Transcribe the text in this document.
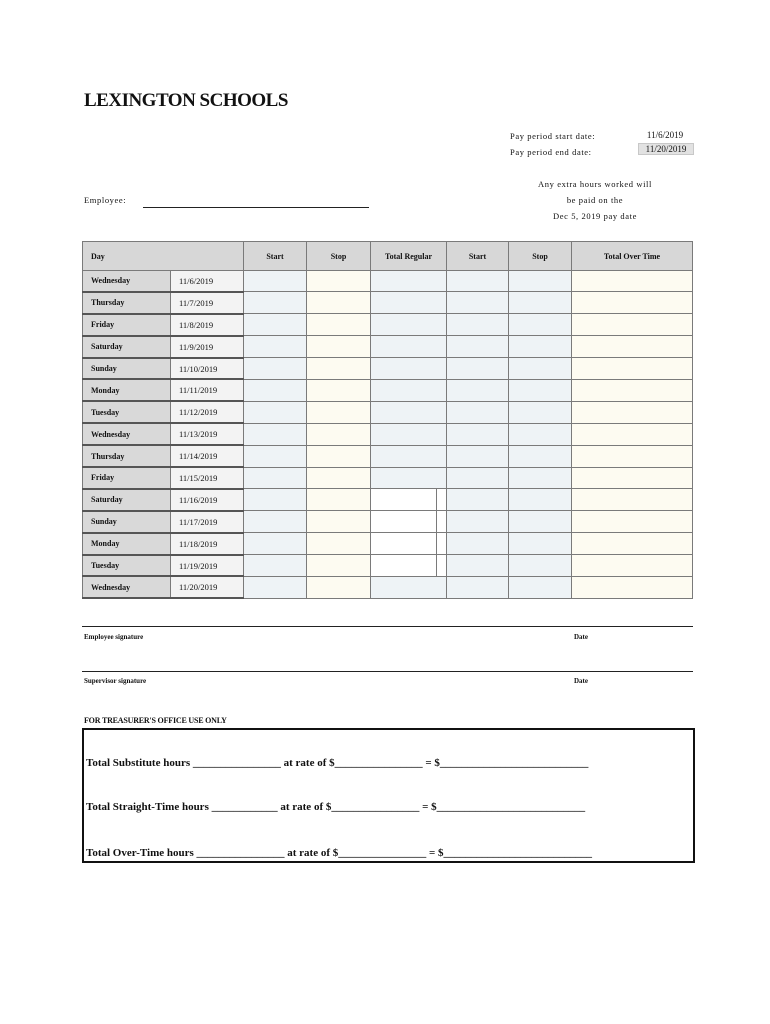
LEXINGTON SCHOOLS
Pay period start date:	11/6/2019
Pay period end date:	11/20/2019
Any extra hours worked will
be paid on the
Dec 5, 2019 pay date
Employee:
Day		Start	Stop	Total Regular	Start	Stop	Total Over Time
Wednesday	11/6/2019						
Thursday	11/7/2019						
Friday	11/8/2019						
Saturday	11/9/2019						
Sunday	11/10/2019						
Monday	11/11/2019						
Tuesday	11/12/2019						
Wednesday	11/13/2019						
Thursday	11/14/2019						
Friday	11/15/2019						
Saturday	11/16/2019						
Sunday	11/17/2019						
Monday	11/18/2019						
Tuesday	11/19/2019						
Wednesday	11/20/2019						
Employee signature	Date
Supervisor signature	Date
FOR TREASURER'S OFFICE USE ONLY
Total Substitute hours ________________ at rate of $________________ = $___________________________
Total Straight-Time hours ____________ at rate of $________________ = $___________________________
Total Over-Time hours ________________ at rate of $________________ = $___________________________
